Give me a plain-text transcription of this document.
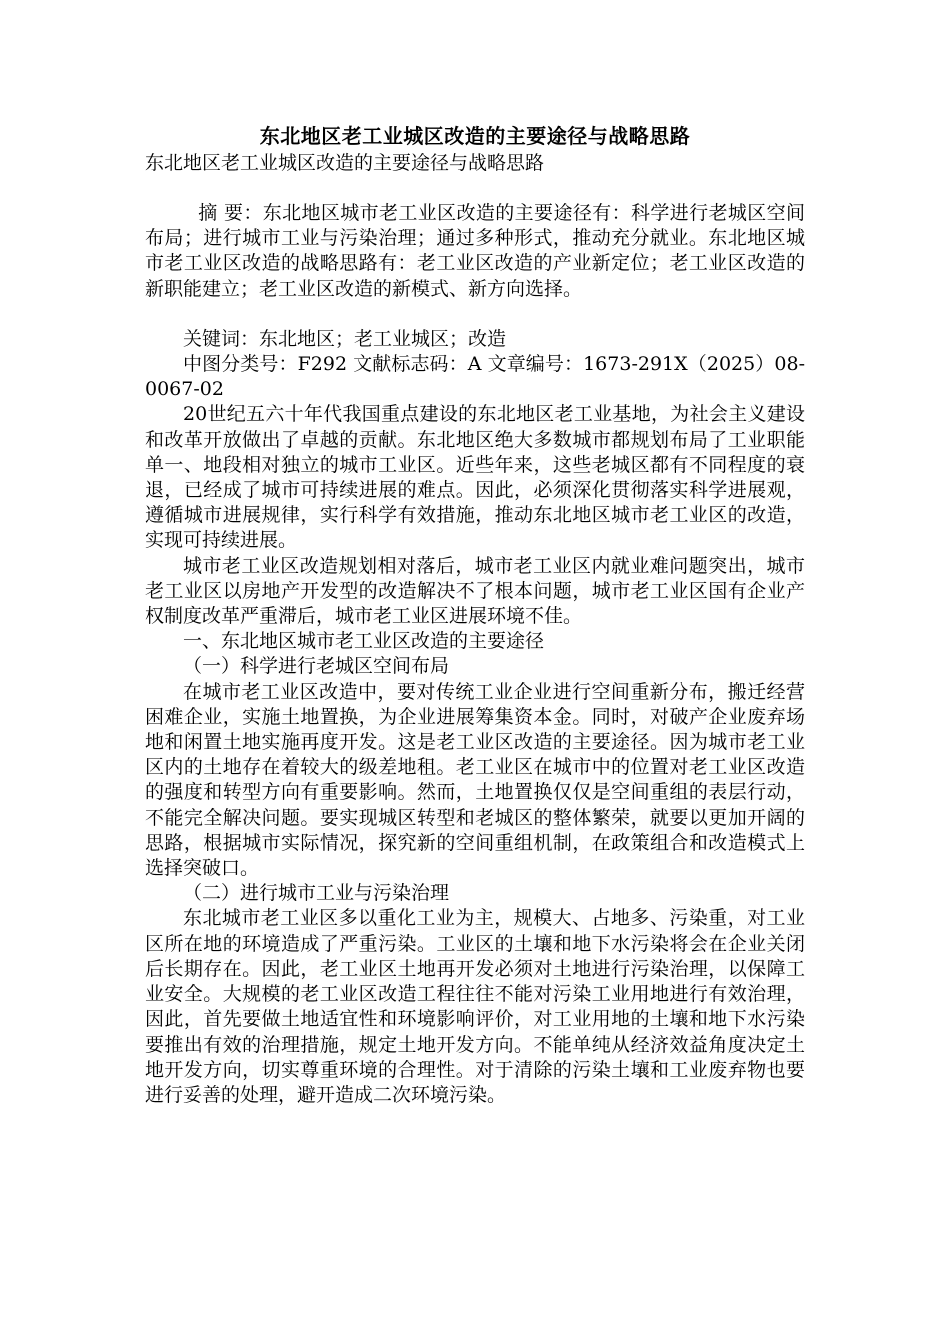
东北地区老工业城区改造的主要途径与战略思路

东北地区老工业城区改造的主要途径与战略思路

摘 要：东北地区城市老工业区改造的主要途径有：科学进行老城区空间布局；进行城市工业与污染治理；通过多种形式，推动充分就业。东北地区城市老工业区改造的战略思路有：老工业区改造的产业新定位；老工业区改造的新职能建立；老工业区改造的新模式、新方向选择。

关键词：东北地区；老工业城区；改造

中图分类号：F292 文献标志码：A 文章编号：1673-291X（2025）08-0067-02

20世纪五六十年代我国重点建设的东北地区老工业基地，为社会主义建设和改革开放做出了卓越的贡献。东北地区绝大多数城市都规划布局了工业职能单一、地段相对独立的城市工业区。近些年来，这些老城区都有不同程度的衰退，已经成了城市可持续进展的难点。因此，必须深化贯彻落实科学进展观，遵循城市进展规律，实行科学有效措施，推动东北地区城市老工业区的改造，实现可持续进展。

城市老工业区改造规划相对落后，城市老工业区内就业难问题突出，城市老工业区以房地产开发型的改造解决不了根本问题，城市老工业区国有企业产权制度改革严重滞后，城市老工业区进展环境不佳。

一、东北地区城市老工业区改造的主要途径

（一）科学进行老城区空间布局

在城市老工业区改造中，要对传统工业企业进行空间重新分布，搬迁经营困难企业，实施土地置换，为企业进展筹集资本金。同时，对破产企业废弃场地和闲置土地实施再度开发。这是老工业区改造的主要途径。因为城市老工业区内的土地存在着较大的级差地租。老工业区在城市中的位置对老工业区改造的强度和转型方向有重要影响。然而，土地置换仅仅是空间重组的表层行动，不能完全解决问题。要实现城区转型和老城区的整体繁荣，就要以更加开阔的思路，根据城市实际情况，探究新的空间重组机制，在政策组合和改造模式上选择突破口。

（二）进行城市工业与污染治理

东北城市老工业区多以重化工业为主，规模大、占地多、污染重，对工业区所在地的环境造成了严重污染。工业区的土壤和地下水污染将会在企业关闭后长期存在。因此，老工业区土地再开发必须对土地进行污染治理，以保障工业安全。大规模的老工业区改造工程往往不能对污染工业用地进行有效治理，因此，首先要做土地适宜性和环境影响评价，对工业用地的土壤和地下水污染要推出有效的治理措施，规定土地开发方向。不能单纯从经济效益角度决定土地开发方向，切实尊重环境的合理性。对于清除的污染土壤和工业废弃物也要进行妥善的处理，避开造成二次环境污染。
